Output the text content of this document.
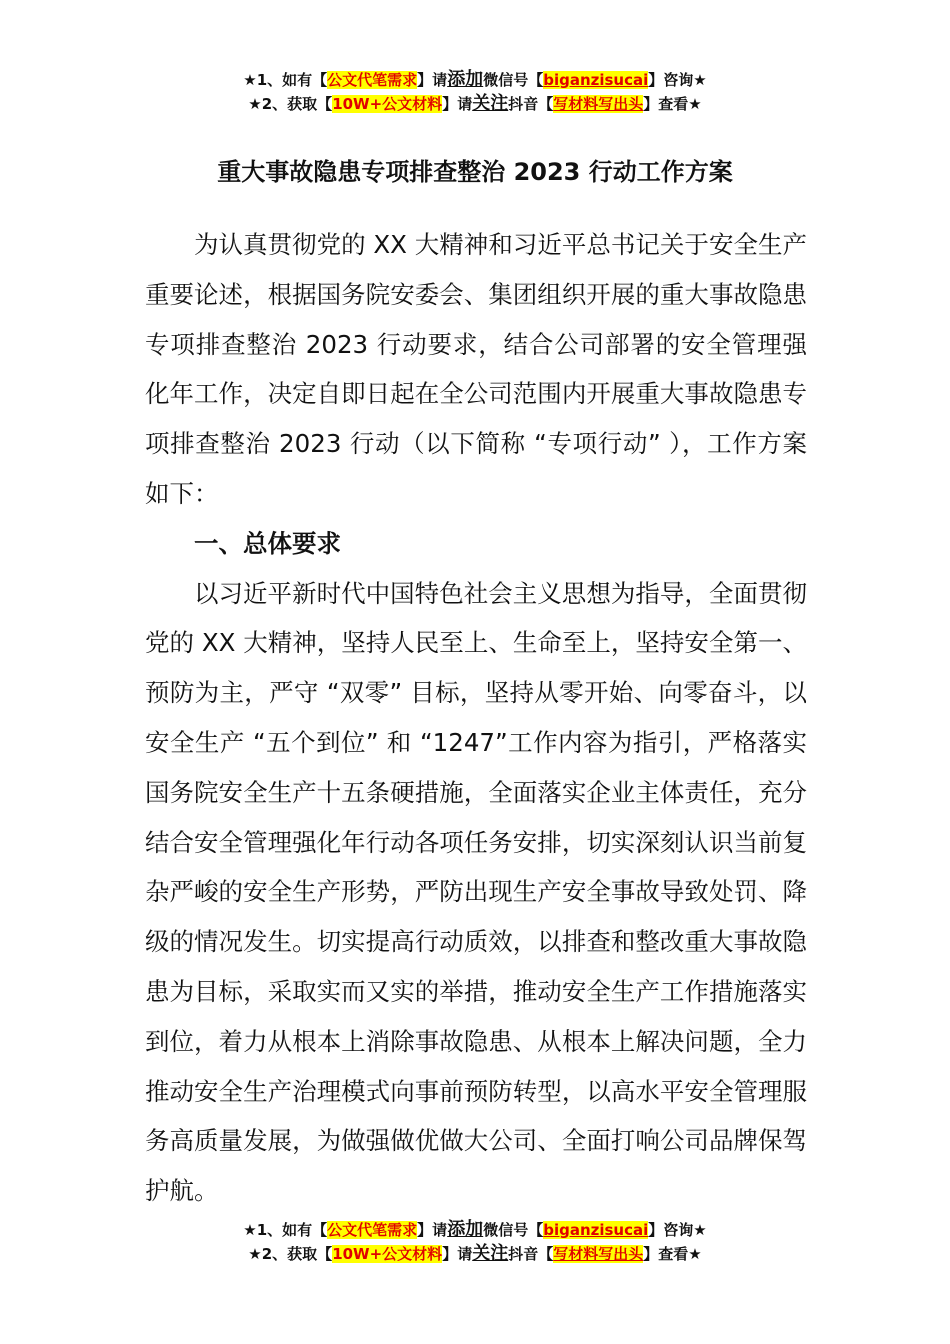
★1、如有【公文代笔需求】请添加微信号【biganzisucai】咨询★
★2、获取【10W+公文材料】请关注抖音【写材料写出头】查看★
重大事故隐患专项排查整治 2023 行动工作方案

为认真贯彻党的 XX 大精神和习近平总书记关于安全生产重要论述，根据国务院安委会、集团组织开展的重大事故隐患专项排查整治 2023 行动要求，结合公司部署的安全管理强化年工作，决定自即日起在全公司范围内开展重大事故隐患专项排查整治 2023 行动（以下简称 “专项行动” ），工作方案如下：

一、总体要求

以习近平新时代中国特色社会主义思想为指导，全面贯彻党的 XX 大精神，坚持人民至上、生命至上，坚持安全第一、预防为主，严守 “双零” 目标，坚持从零开始、向零奋斗，以安全生产 “五个到位” 和 “1247”工作内容为指引，严格落实国务院安全生产十五条硬措施，全面落实企业主体责任，充分结合安全管理强化年行动各项任务安排，切实深刻认识当前复杂严峻的安全生产形势，严防出现生产安全事故导致处罚、降级的情况发生。切实提高行动质效，以排查和整改重大事故隐患为目标，采取实而又实的举措，推动安全生产工作措施落实到位，着力从根本上消除事故隐患、从根本上解决问题，全力推动安全生产治理模式向事前预防转型，以高水平安全管理服务高质量发展，为做强做优做大公司、全面打响公司品牌保驾护航。

★1、如有【公文代笔需求】请添加微信号【biganzisucai】咨询★
★2、获取【10W+公文材料】请关注抖音【写材料写出头】查看★
